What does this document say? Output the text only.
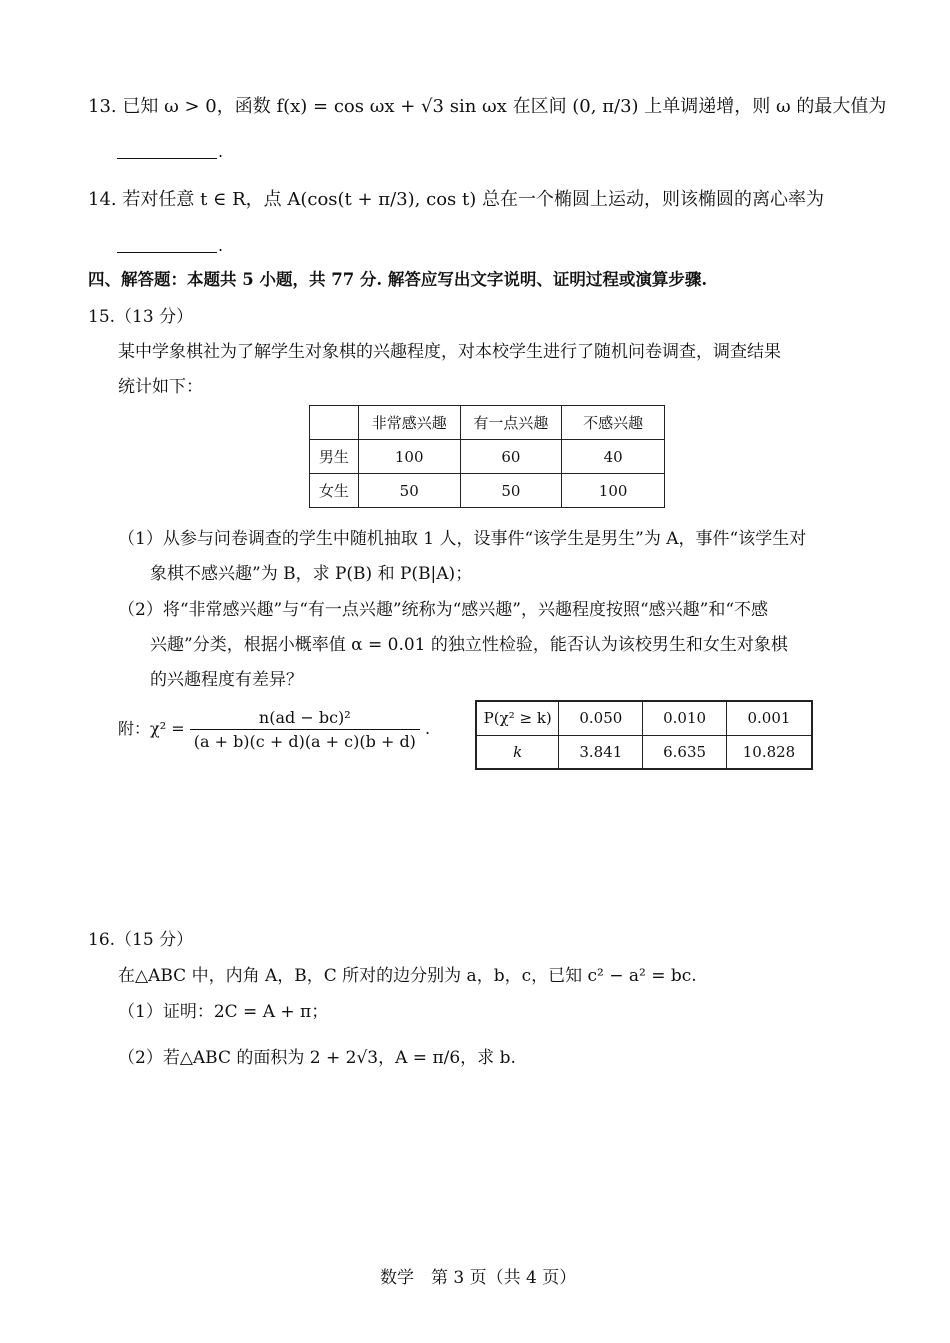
13. 已知 ω > 0，函数 f(x) = cos ωx + √3 sin ωx 在区间 (0, π/3) 上单调递增，则 ω 的最大值为
.
14. 若对任意 t ∈ R，点 A(cos(t + π/3), cos t) 总在一个椭圆上运动，则该椭圆的离心率为
.
四、解答题：本题共 5 小题，共 77 分. 解答应写出文字说明、证明过程或演算步骤.
15.（13 分）
某中学象棋社为了解学生对象棋的兴趣程度，对本校学生进行了随机问卷调查，调查结果
统计如下：
	非常感兴趣	有一点兴趣	不感兴趣
男生	100	60	40
女生	50	50	100
（1）从参与问卷调查的学生中随机抽取 1 人，设事件“该学生是男生”为 A，事件“该学生对
象棋不感兴趣”为 B，求 P(B) 和 P(B|A)；
（2）将“非常感兴趣”与“有一点兴趣”统称为“感兴趣”，兴趣程度按照“感兴趣”和“不感
兴趣”分类，根据小概率值 α = 0.01 的独立性检验，能否认为该校男生和女生对象棋
的兴趣程度有差异？
附：$\chi^2 = \frac{\text{n(ad − bc)²}}{(a + b)(c + d)(a + c)(b + d)}$ .
P(χ² ≥ k)	0.050	0.010	0.001
k	3.841	6.635	10.828
16.（15 分）
在△ABC 中，内角 A，B，C 所对的边分别为 a，b，c，已知 c² − a² = bc.
（1）证明：2C = A + π；
（2）若△ABC 的面积为 2 + 2√3，A = π/6，求 b.
数学　第 3 页（共 4 页）
